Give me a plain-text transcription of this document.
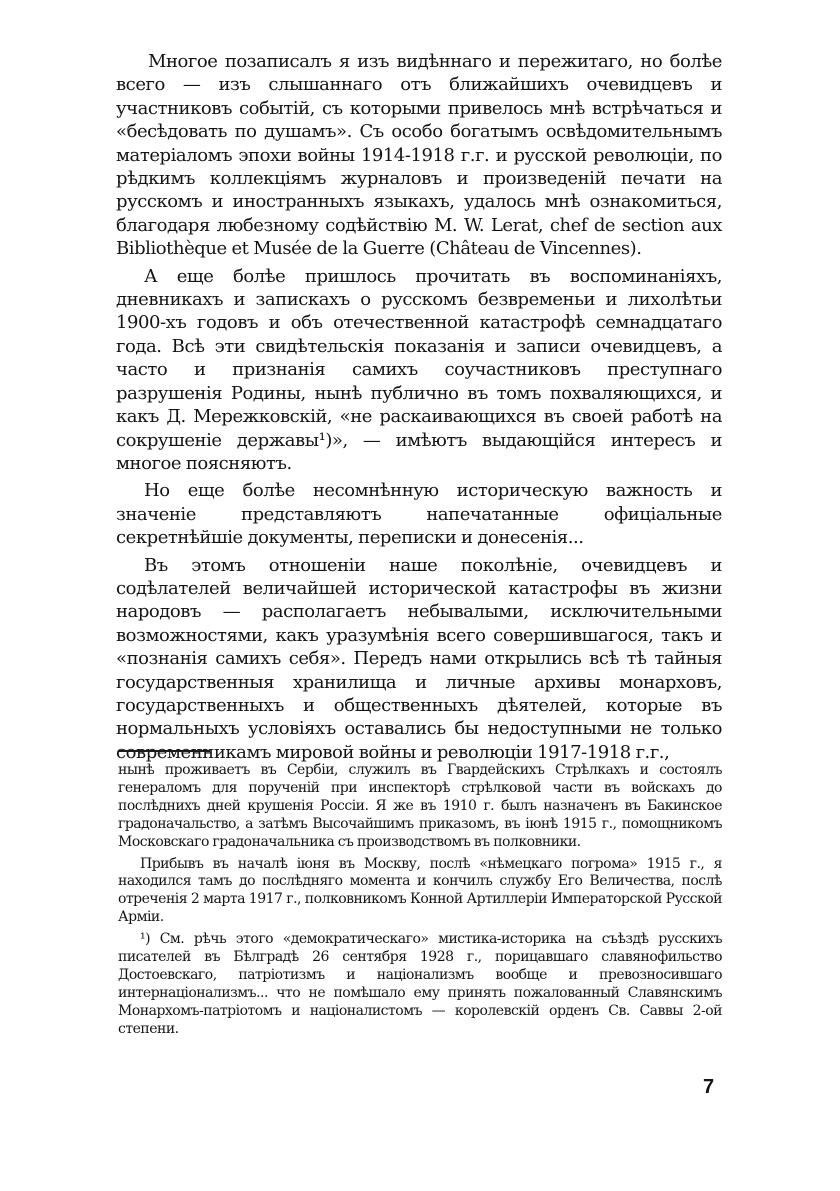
Многое позаписалъ я изъ видѣннаго и пережитаго, но болѣе всего — изъ слышаннаго отъ ближайшихъ очевидцевъ и участниковъ событій, съ которыми привелось мнѣ встрѣчаться и «бесѣдовать по душамъ». Съ особо богатымъ освѣдомительнымъ матеріаломъ эпохи войны 1914-1918 г.г. и русской революціи, по рѣдкимъ коллекціямъ журналовъ и произведеній печати на русскомъ и иностранныхъ языкахъ, удалось мнѣ ознакомиться, благодаря любезному содѣйствію M. W. Lerat, chef de section aux Bibliothèque et Musée de la Guerre (Château de Vincennes).

А еще болѣе пришлось прочитать въ воспоминаніяхъ, дневникахъ и запискахъ о русскомъ безвременьи и лихолѣтьи 1900-хъ годовъ и объ отечественной катастрофѣ семнадцатаго года. Всѣ эти свидѣтельскія показанія и записи очевидцевъ, а часто и признанія самихъ соучастниковъ преступнаго разрушенія Родины, нынѣ публично въ томъ похваляющихся, и какъ Д. Мережковскій, «не раскаивающихся въ своей работѣ на сокрушеніе державы¹)», — имѣютъ выдающійся интересъ и многое поясняютъ.

Но еще болѣе несомнѣнную историческую важность и значеніе представляютъ напечатанные офиціальные секретнѣйшіе документы, переписки и донесенія...

Въ этомъ отношеніи наше поколѣніе, очевидцевъ и содѣлателей величайшей исторической катастрофы въ жизни народовъ — располагаетъ небывалыми, исключительными возможностями, какъ уразумѣнія всего совершившагося, такъ и «познанія самихъ себя». Передъ нами открылись всѣ тѣ тайныя государственныя хранилища и личные архивы монарховъ, государственныхъ и общественныхъ дѣятелей, которые въ нормальныхъ условіяхъ оставались бы недоступными не только современникамъ мировой войны и революціи 1917-1918 г.г.,

нынѣ проживаетъ въ Сербіи, служилъ въ Гвардейскихъ Стрѣлкахъ и состоялъ генераломъ для порученій при инспекторѣ стрѣлковой части въ войскахъ до послѣднихъ дней крушенія Россіи. Я же въ 1910 г. былъ назначенъ въ Бакинское градоначальство, а затѣмъ Высочайшимъ приказомъ, въ іюнѣ 1915 г., помощникомъ Московскаго градоначальника съ производствомъ въ полковники.

Прибывъ въ началѣ іюня въ Москву, послѣ «нѣмецкаго погрома» 1915 г., я находился тамъ до послѣдняго момента и кончилъ службу Его Величества, послѣ отреченія 2 марта 1917 г., полковникомъ Конной Артиллеріи Императорской Русской Арміи.

¹) См. рѣчь этого «демократическаго» мистика-историка на съѣздѣ русскихъ писателей въ Бѣлградѣ 26 сентября 1928 г., порицавшаго славянофильство Достоевскаго, патріотизмъ и націонализмъ вообще и превозносившаго интернаціонализмъ... что не помѣшало ему принять пожалованный Славянскимъ Монархомъ-патріотомъ и націоналистомъ — королевскій орденъ Св. Саввы 2-ой степени.

7
